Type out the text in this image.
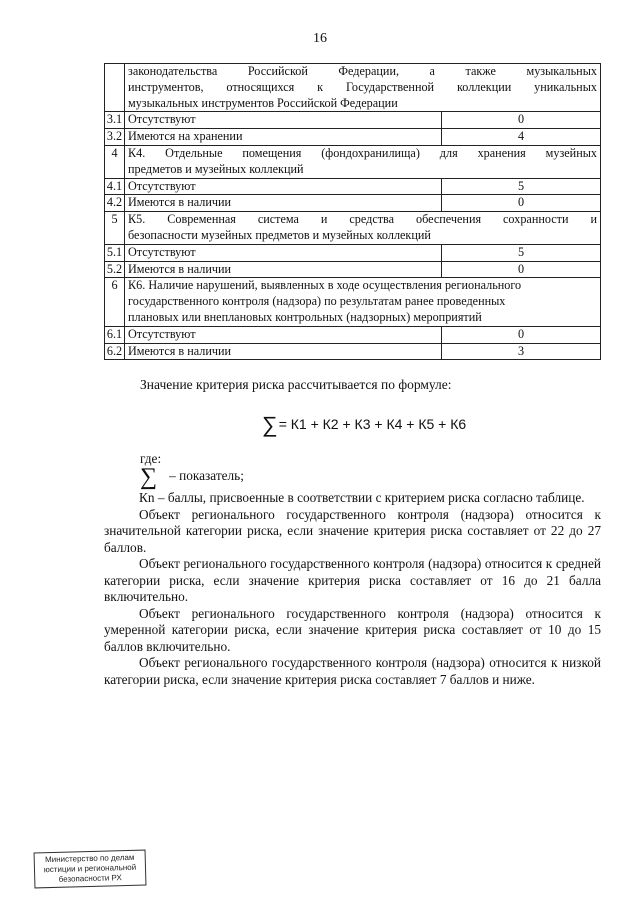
16

	законодательства Российской Федерации, а также музыкальных
инструментов, относящихся к Государственной коллекции уникальных
музыкальных инструментов Российской Федерации	

3.1	Отсутствуют	0
3.2	Имеются на хранении	4
4	К4. Отдельные помещения (фондохранилища) для хранения музейных
предметов и музейных коллекций	

4.1	Отсутствуют	5
4.2	Имеются в наличии	0
5	К5. Современная система и средства обеспечения сохранности и
безопасности музейных предметов и музейных коллекций	

5.1	Отсутствуют	5
5.2	Имеются в наличии	0
6	К6. Наличие нарушений, выявленных в ходе осуществления регионального
государственного контроля (надзора) по результатам ранее проведенных
плановых или внеплановых контрольных (надзорных) мероприятий	

6.1	Отсутствуют	0
6.2	Имеются в наличии	3
Значение критерия риска рассчитывается по формуле:
∑= К1 + К2 + К3 + К4 + К5 + К6
где:
∑ – показатель;

Кn – баллы, присвоенные в соответствии с критерием риска согласно таблице.

Объект регионального государственного контроля (надзора) относится к значительной категории риска, если значение критерия риска составляет от 22 до 27 баллов.

Объект регионального государственного контроля (надзора) относится к средней категории риска, если значение критерия риска составляет от 16 до 21 балла включительно.

Объект регионального государственного контроля (надзора) относится к умеренной категории риска, если значение критерия риска составляет от 10 до 15 баллов включительно.

Объект регионального государственного контроля (надзора) относится к низкой категории риска, если значение критерия риска составляет 7 баллов и ниже.

Министерство по делам
юстиции и региональной
безопасности РХ
